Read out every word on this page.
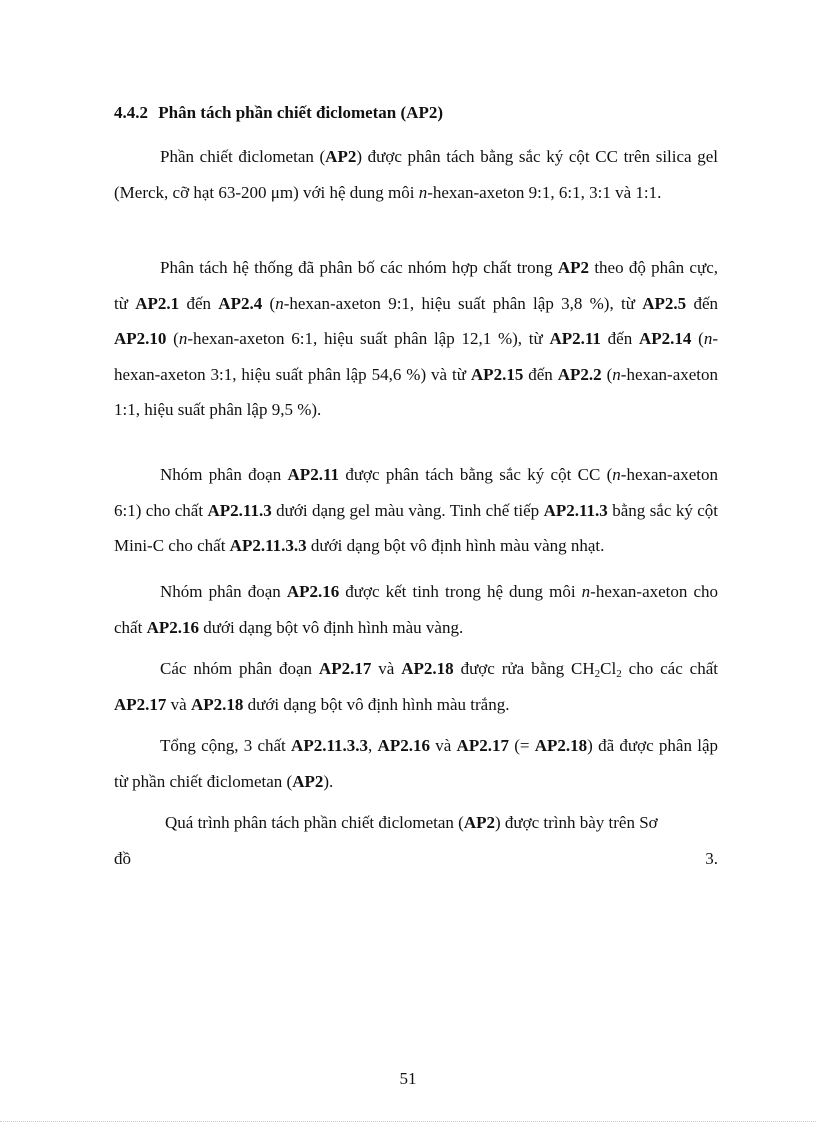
4.4.2 Phân tách phần chiết điclometan (AP2)
Phần chiết điclometan (AP2) được phân tách bằng sắc ký cột CC trên silica gel (Merck, cỡ hạt 63-200 μm) với hệ dung môi n-hexan-axeton 9:1, 6:1, 3:1 và 1:1.
Phân tách hệ thống đã phân bố các nhóm hợp chất trong AP2 theo độ phân cực, từ AP2.1 đến AP2.4 (n-hexan-axeton 9:1, hiệu suất phân lập 3,8 %), từ AP2.5 đến AP2.10 (n-hexan-axeton 6:1, hiệu suất phân lập 12,1 %), từ AP2.11 đến AP2.14 (n-hexan-axeton 3:1, hiệu suất phân lập 54,6 %) và từ AP2.15 đến AP2.2 (n-hexan-axeton 1:1, hiệu suất phân lập 9,5 %).
Nhóm phân đoạn AP2.11 được phân tách bằng sắc ký cột CC (n-hexan-axeton 6:1) cho chất AP2.11.3 dưới dạng gel màu vàng. Tinh chế tiếp AP2.11.3 bằng sắc ký cột Mini-C cho chất AP2.11.3.3 dưới dạng bột vô định hình màu vàng nhạt.
Nhóm phân đoạn AP2.16 được kết tinh trong hệ dung môi n-hexan-axeton cho chất AP2.16 dưới dạng bột vô định hình màu vàng.
Các nhóm phân đoạn AP2.17 và AP2.18 được rửa bằng $CH_2Cl_2$ cho các chất AP2.17 và AP2.18 dưới dạng bột vô định hình màu trắng.
Tổng cộng, 3 chất AP2.11.3.3, AP2.16 và AP2.17 (= AP2.18) đã được phân lập từ phần chiết điclometan (AP2).
Quá trình phân tách phần chiết điclometan (AP2) được trình bày trên Sơ
đồ	3.
51
